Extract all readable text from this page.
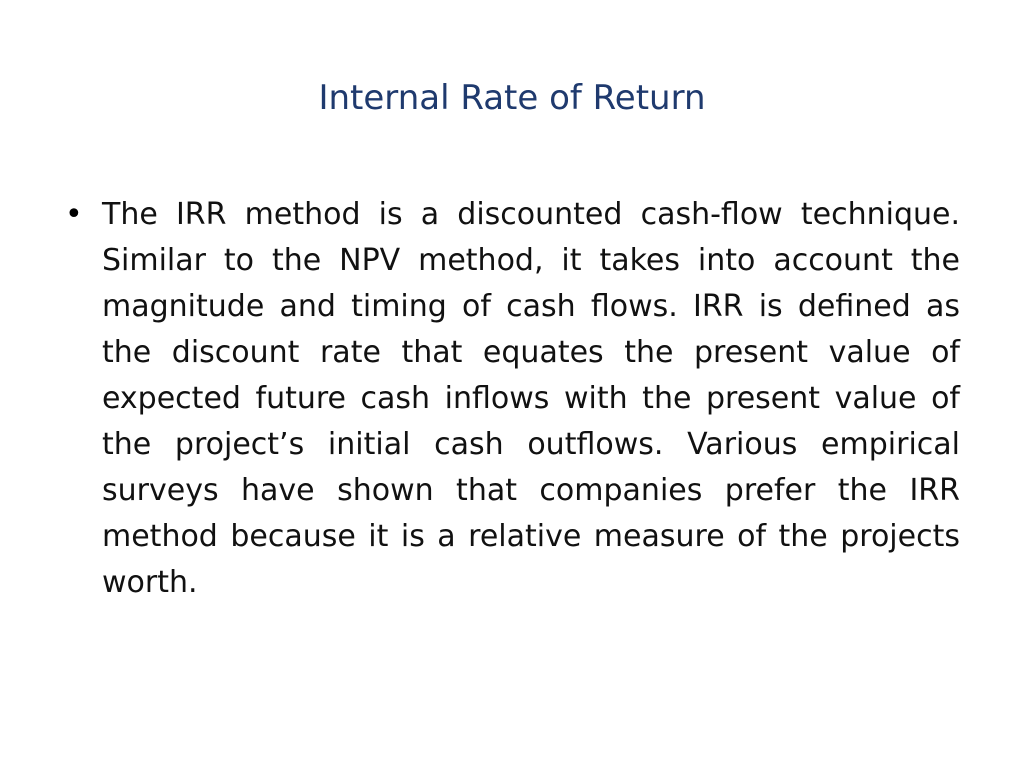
Internal Rate of Return
• The IRR method is a discounted cash-flow technique. Similar to the NPV method, it takes into account the magnitude and timing of cash flows. IRR is defined as the discount rate that equates the present value of expected future cash inflows with the present value of the project’s initial cash outflows. Various empirical surveys have shown that companies prefer the IRR method because it is a relative measure of the projects worth.
